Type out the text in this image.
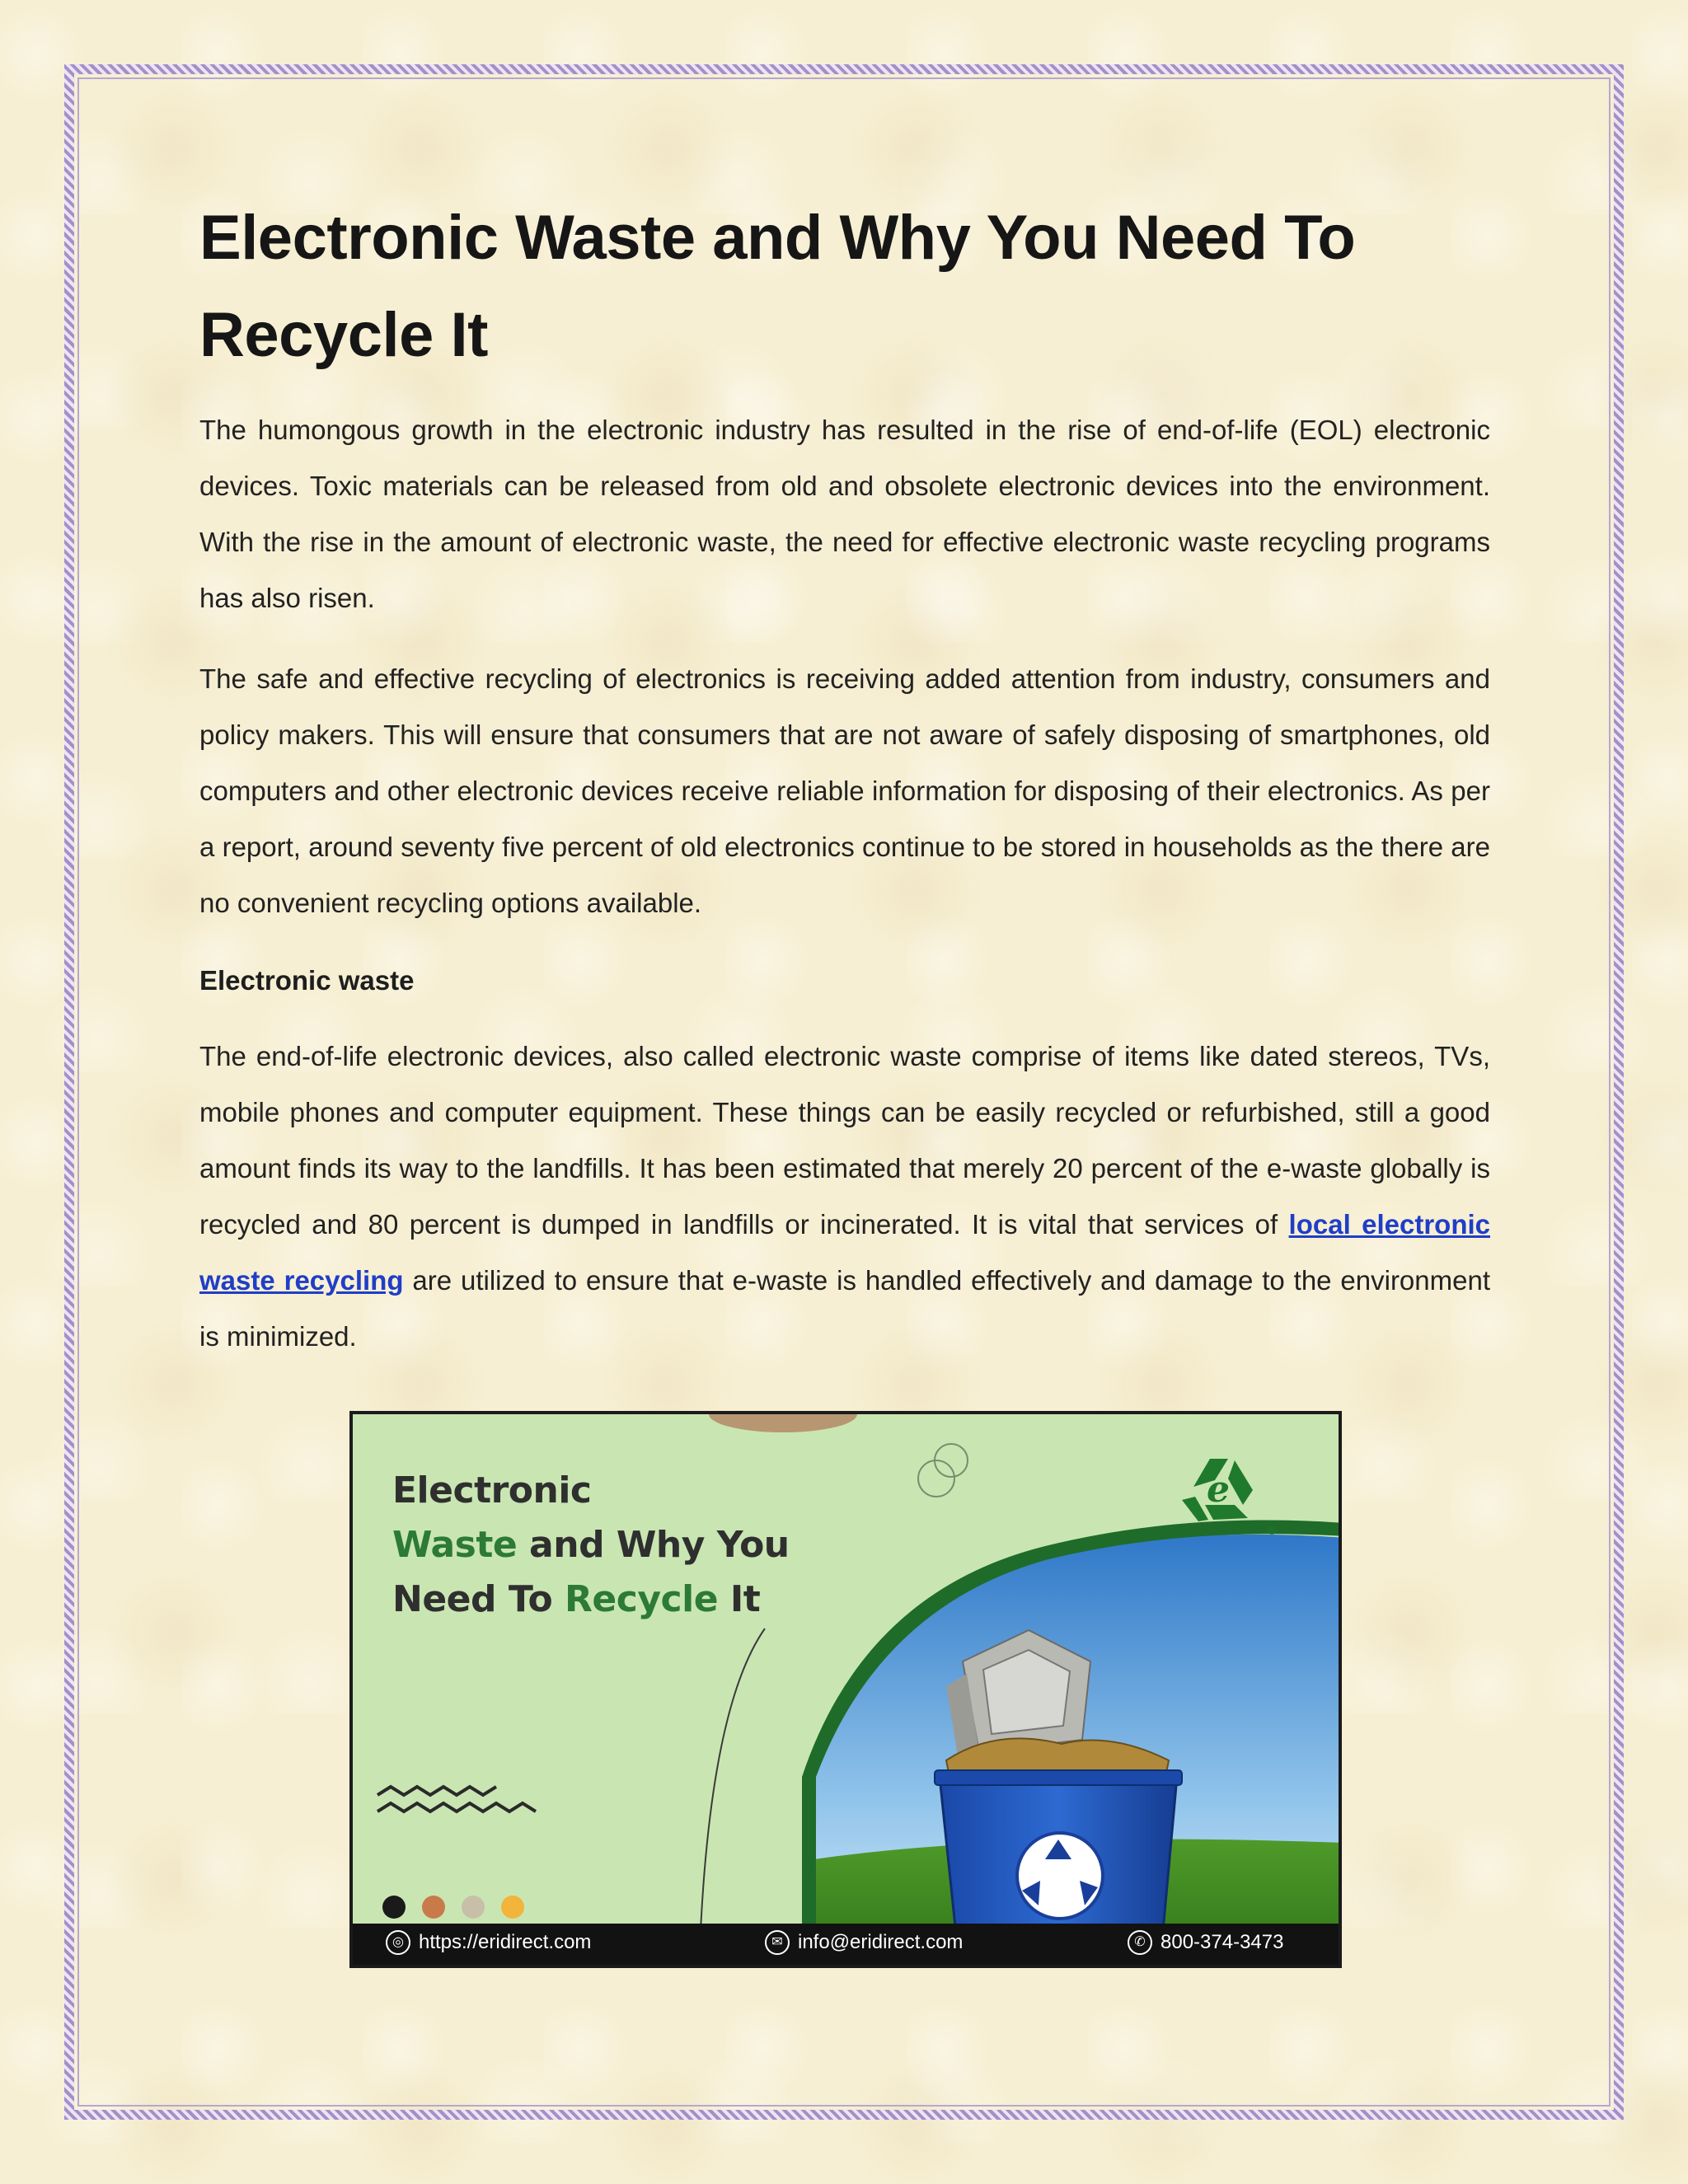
Electronic Waste and Why You Need To
Recycle It

The humongous growth in the electronic industry has resulted in the rise of end-of-life (EOL) electronic devices. Toxic materials can be released from old and obsolete electronic devices into the environment. With the rise in the amount of electronic waste, the need for effective electronic waste recycling programs has also risen.

The safe and effective recycling of electronics is receiving added attention from industry, consumers and policy makers. This will ensure that consumers that are not aware of safely disposing of smartphones, old computers and other electronic devices receive reliable information for disposing of their electronics. As per a report, around seventy five percent of old electronics continue to be stored in households as the there are no convenient recycling options available.

Electronic waste

The end-of-life electronic devices, also called electronic waste comprise of items like dated stereos, TVs, mobile phones and computer equipment. These things can be easily recycled or refurbished, still a good amount finds its way to the landfills. It has been estimated that merely 20 percent of the e-waste globally is recycled and 80 percent is dumped in landfills or incinerated. It is vital that services of local electronic waste recycling are utilized to ensure that e-waste is handled effectively and damage to the environment is minimized.

e
®
Electronic
Waste and Why You
Need To Recycle It
◎ https://eridirect.com	✉ info@eridirect.com	✆ 800-374-3473
